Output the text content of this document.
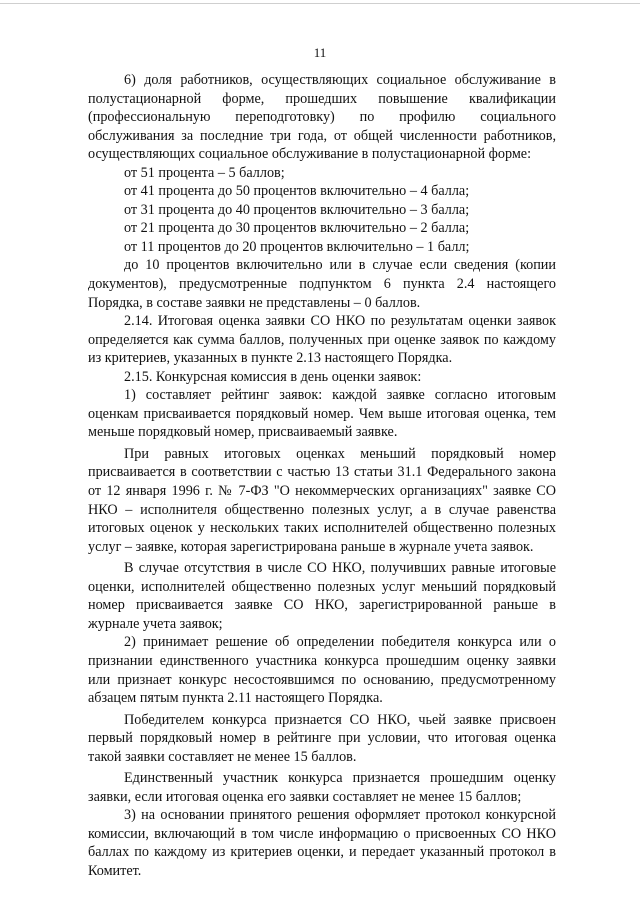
11

6) доля работников, осуществляющих социальное обслуживание в полустационарной форме, прошедших повышение квалификации (профессиональную переподготовку) по профилю социального обслуживания за последние три года, от общей численности работников, осуществляющих социальное обслуживание в полустационарной форме:

от 51 процента – 5 баллов;

от 41 процента до 50 процентов включительно – 4 балла;

от 31 процента до 40 процентов включительно – 3 балла;

от 21 процента до 30 процентов включительно – 2 балла;

от 11 процентов до 20 процентов включительно – 1 балл;

до 10 процентов включительно или в случае если сведения (копии документов), предусмотренные подпунктом 6 пункта 2.4 настоящего Порядка, в составе заявки не представлены – 0 баллов.

2.14. Итоговая оценка заявки СО НКО по результатам оценки заявок определяется как сумма баллов, полученных при оценке заявок по каждому из критериев, указанных в пункте 2.13 настоящего Порядка.

2.15. Конкурсная комиссия в день оценки заявок:

1) составляет рейтинг заявок: каждой заявке согласно итоговым оценкам присваивается порядковый номер. Чем выше итоговая оценка, тем меньше порядковый номер, присваиваемый заявке.

При равных итоговых оценках меньший порядковый номер присваивается в соответствии с частью 13 статьи 31.1 Федерального закона от 12 января 1996 г. № 7-ФЗ "О некоммерческих организациях" заявке СО НКО – исполнителя общественно полезных услуг, а в случае равенства итоговых оценок у нескольких таких исполнителей общественно полезных услуг – заявке, которая зарегистрирована раньше в журнале учета заявок.

В случае отсутствия в числе СО НКО, получивших равные итоговые оценки, исполнителей общественно полезных услуг меньший порядковый номер присваивается заявке СО НКО, зарегистрированной раньше в журнале учета заявок;

2) принимает решение об определении победителя конкурса или о признании единственного участника конкурса прошедшим оценку заявки или признает конкурс несостоявшимся по основанию, предусмотренному абзацем пятым пункта 2.11 настоящего Порядка.

Победителем конкурса признается СО НКО, чьей заявке присвоен первый порядковый номер в рейтинге при условии, что итоговая оценка такой заявки составляет не менее 15 баллов.

Единственный участник конкурса признается прошедшим оценку заявки, если итоговая оценка его заявки составляет не менее 15 баллов;

3) на основании принятого решения оформляет протокол конкурсной комиссии, включающий в том числе информацию о присвоенных СО НКО баллах по каждому из критериев оценки, и передает указанный протокол в Комитет.
